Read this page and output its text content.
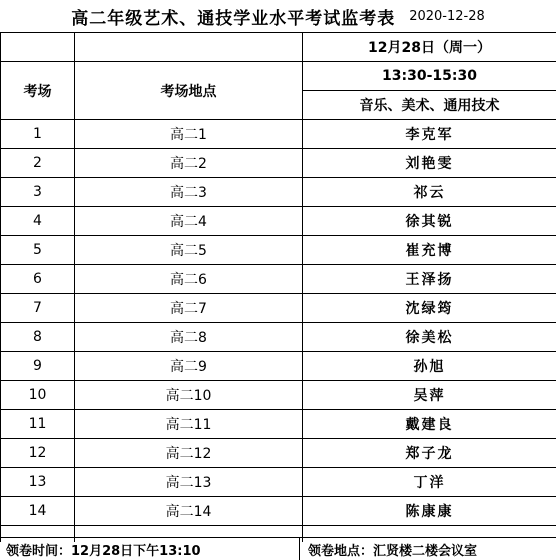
高二年级艺术、通技学业水平考试监考表 2020-12-28
		12月28日（周一）
考场	考场地点	13:30-15:30
		音乐、美术、通用技术
1	高二1	李克军
2	高二2	刘艳雯
3	高二3	祁云
4	高二4	徐其锐
5	高二5	崔充博
6	高二6	王泽扬
7	高二7	沈绿筠
8	高二8	徐美松
9	高二9	孙旭
10	高二10	吴萍
11	高二11	戴建良
12	高二12	郑子龙
13	高二13	丁洋
14	高二14	陈康康

领卷时间：12月28日下午13:10	领卷地点：汇贤楼二楼会议室
